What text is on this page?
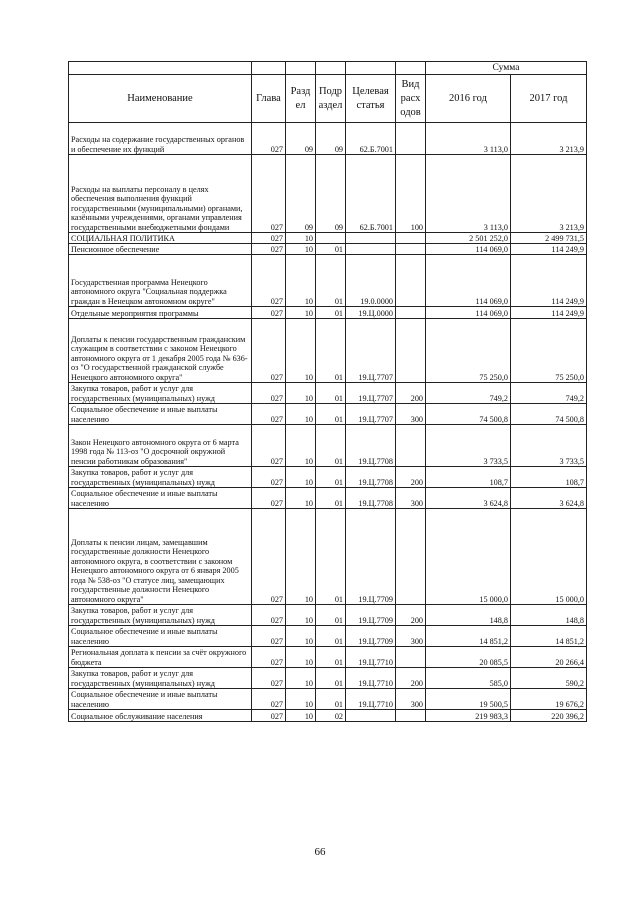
						Сумма	
Наименование	Глава	Разд ел	Подр аздел	Целевая статья	Вид расх одов	2016 год	2017 год
Расходы на содержание государственных органов и обеспечение их функций	027	09	09	62.Б.7001		3 113,0	3 213,9
Расходы на выплаты персоналу в целях обеспечения выполнения функций государственными (муниципальными) органами, казёнными учреждениями, органами управления государственными внебюджетными фондами	027	09	09	62.Б.7001	100	3 113,0	3 213,9
СОЦИАЛЬНАЯ ПОЛИТИКА	027	10				2 501 252,0	2 499 731,5
Пенсионное обеспечение	027	10	01			114 069,0	114 249,9
Государственная программа Ненецкого автономного округа "Социальная поддержка граждан в Ненецком автономном округе"	027	10	01	19.0.0000		114 069,0	114 249,9
Отдельные мероприятия программы	027	10	01	19.Ц.0000		114 069,0	114 249,9
Доплаты к пенсии государственным гражданским служащим в соответствии с законом Ненецкого автономного округа от 1 декабря 2005 года № 636-оз "О государственной гражданской службе Ненецкого автономного округа"	027	10	01	19.Ц.7707		75 250,0	75 250,0
Закупка товаров, работ и услуг для государственных (муниципальных) нужд	027	10	01	19.Ц.7707	200	749,2	749,2
Социальное обеспечение и иные выплаты населению	027	10	01	19.Ц.7707	300	74 500,8	74 500,8
Закон Ненецкого автономного округа от 6 марта 1998 года № 113-оз "О досрочной окружной пенсии работникам образования"	027	10	01	19.Ц.7708		3 733,5	3 733,5
Закупка товаров, работ и услуг для государственных (муниципальных) нужд	027	10	01	19.Ц.7708	200	108,7	108,7
Социальное обеспечение и иные выплаты населению	027	10	01	19.Ц.7708	300	3 624,8	3 624,8
Доплаты к пенсии лицам, замещавшим государственные должности Ненецкого автономного округа, в соответствии с законом Ненецкого автономного округа от 6 января 2005 года № 538-оз "О статусе лиц, замещающих государственные должности Ненецкого автономного округа"	027	10	01	19.Ц.7709		15 000,0	15 000,0
Закупка товаров, работ и услуг для государственных (муниципальных) нужд	027	10	01	19.Ц.7709	200	148,8	148,8
Социальное обеспечение и иные выплаты населению	027	10	01	19.Ц.7709	300	14 851,2	14 851,2
Региональная доплата к пенсии за счёт окружного бюджета	027	10	01	19.Ц.7710		20 085,5	20 266,4
Закупка товаров, работ и услуг для государственных (муниципальных) нужд	027	10	01	19.Ц.7710	200	585,0	590,2
Социальное обеспечение и иные выплаты населению	027	10	01	19.Ц.7710	300	19 500,5	19 676,2
Социальное обслуживание населения	027	10	02			219 983,3	220 396,2
66
